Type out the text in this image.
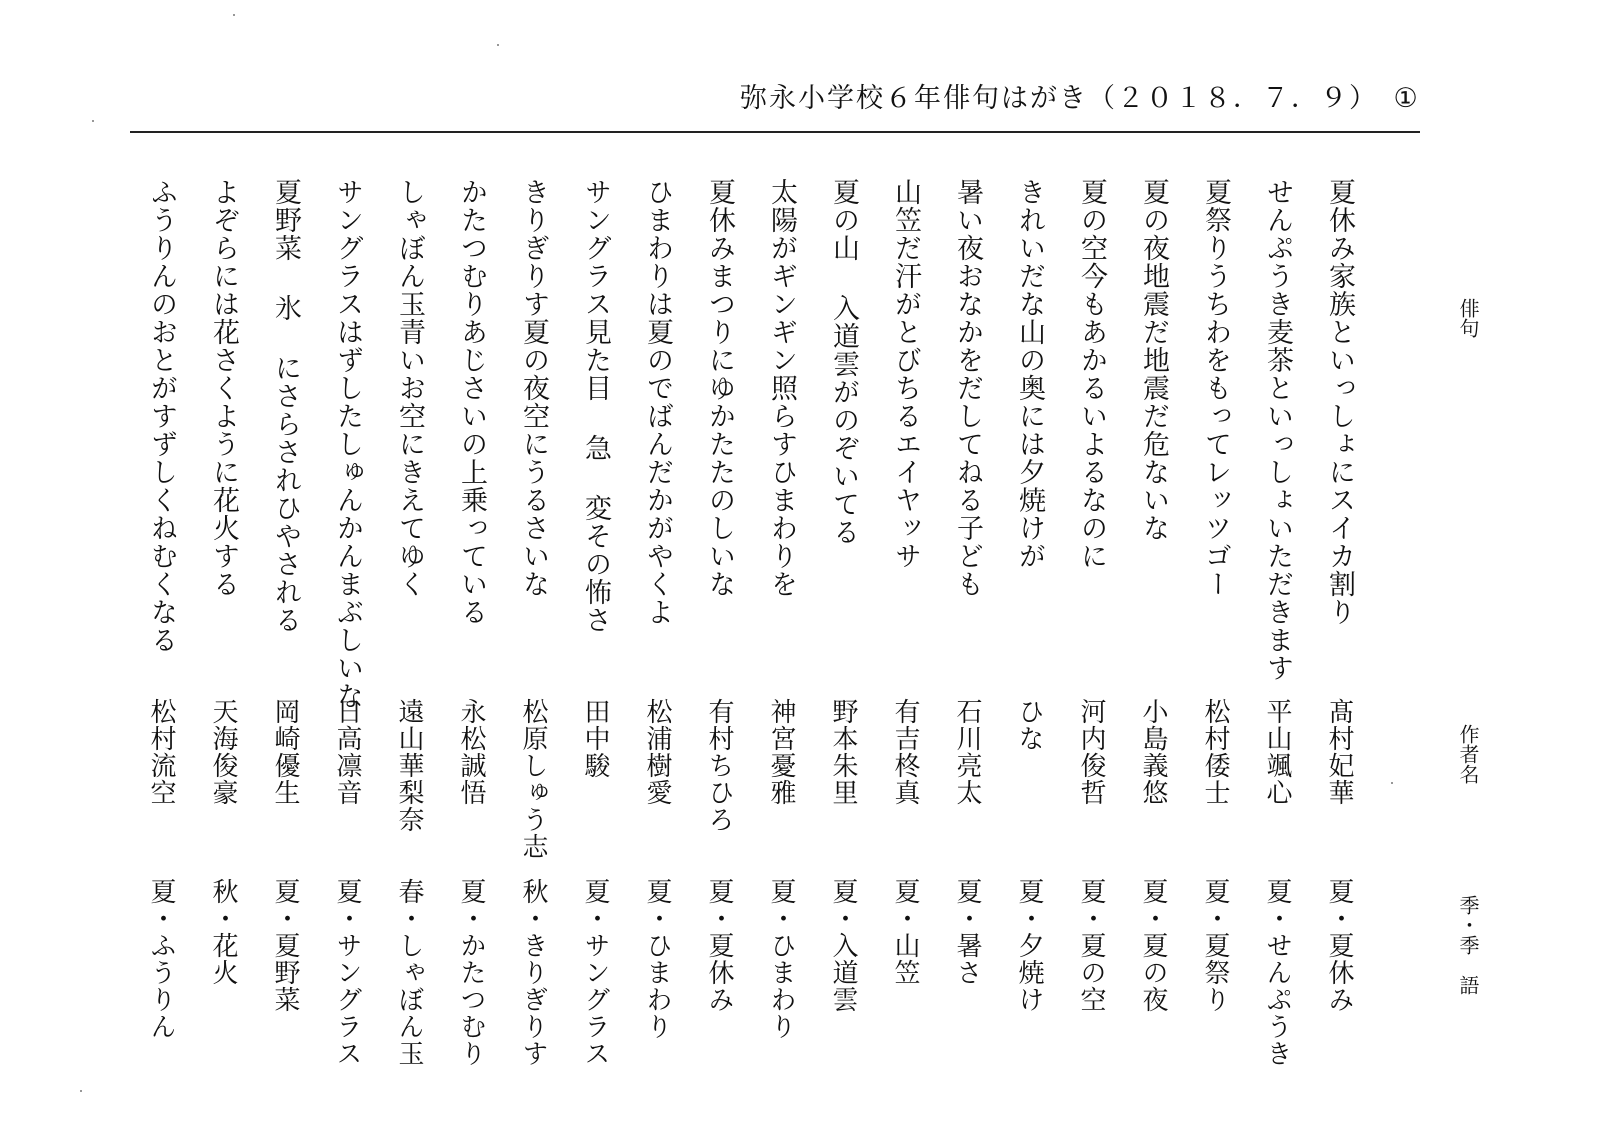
弥永小学校６年俳句はがき（２０１８．７．９）　①
俳句
作者名
季・季　語
夏休み家族といっしょにスイカ割り
髙村妃華
夏・夏休み
せんぷうき麦茶といっしょいただきます
平山颯心
夏・せんぷうき
夏祭りうちわをもってレッツゴー
松村倭士
夏・夏祭り
夏の夜地震だ地震だ危ないな
小島義悠
夏・夏の夜
夏の空今もあかるいよるなのに
河内俊哲
夏・夏の空
きれいだな山の奥には夕焼けが
ひな
夏・夕焼け
暑い夜おなかをだしてねる子ども
石川亮太
夏・暑さ
山笠だ汗がとびちるエイヤッサ
有吉柊真
夏・山笠
夏の山 入道雲がのぞいてる
野本朱里
夏・入道雲
太陽がギンギン照らすひまわりを
神宮憂雅
夏・ひまわり
夏休みまつりにゆかたたのしいな
有村ちひろ
夏・夏休み
ひまわりは夏のでばんだかがやくよ
松浦樹愛
夏・ひまわり
サングラス見た目 急 変その怖さ
田中駿
夏・サングラス
きりぎりす夏の夜空にうるさいな
松原しゅう志
秋・きりぎりす
かたつむりあじさいの上乗っている
永松誠悟
夏・かたつむり
しゃぼん玉青いお空にきえてゆく
遠山華梨奈
春・しゃぼん玉
サングラスはずしたしゅんかんまぶしいな
日高凛音
夏・サングラス
夏野菜 氷 にさらされひやされる
岡崎優生
夏・夏野菜
よぞらには花さくように花火する
天海俊豪
秋・花火
ふうりんのおとがすずしくねむくなる
松村流空
夏・ふうりん
